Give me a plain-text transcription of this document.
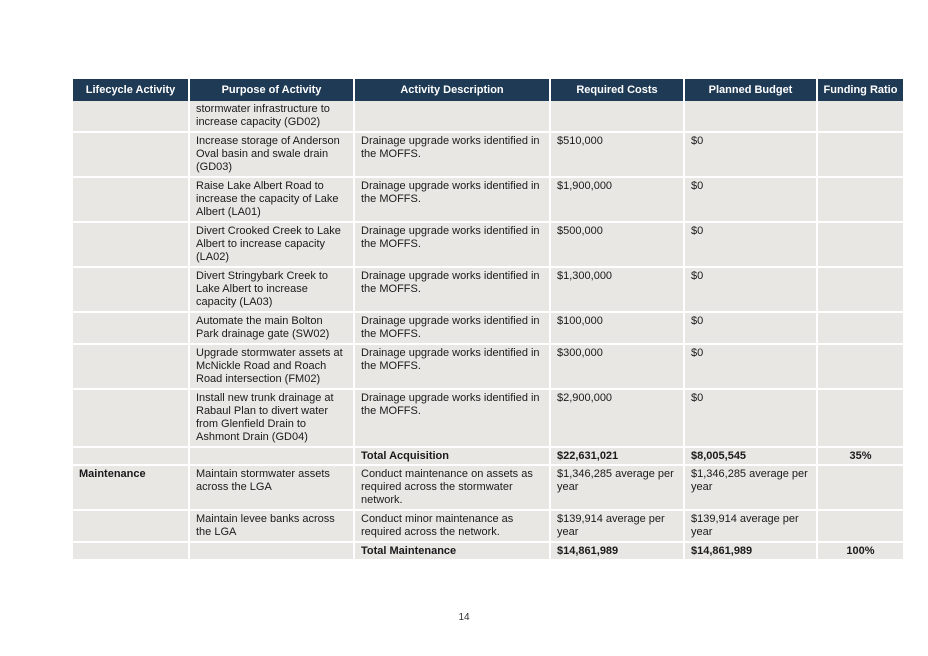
Lifecycle Activity	Purpose of Activity	Activity Description	Required Costs	Planned Budget	Funding Ratio
	stormwater infrastructure to increase capacity (GD02)				
	Increase storage of Anderson Oval basin and swale drain (GD03)	Drainage upgrade works identified in the MOFFS.	$510,000	$0	
	Raise Lake Albert Road to increase the capacity of Lake Albert (LA01)	Drainage upgrade works identified in the MOFFS.	$1,900,000	$0	
	Divert Crooked Creek to Lake Albert to increase capacity (LA02)	Drainage upgrade works identified in the MOFFS.	$500,000	$0	
	Divert Stringybark Creek to Lake Albert to increase capacity (LA03)	Drainage upgrade works identified in the MOFFS.	$1,300,000	$0	
	Automate the main Bolton Park drainage gate (SW02)	Drainage upgrade works identified in the MOFFS.	$100,000	$0	
	Upgrade stormwater assets at McNickle Road and Roach Road intersection (FM02)	Drainage upgrade works identified in the MOFFS.	$300,000	$0	
	Install new trunk drainage at Rabaul Plan to divert water from Glenfield Drain to Ashmont Drain (GD04)	Drainage upgrade works identified in the MOFFS.	$2,900,000	$0	
		Total Acquisition	$22,631,021	$8,005,545	35%
Maintenance	Maintain stormwater assets across the LGA	Conduct maintenance on assets as required across the stormwater network.	$1,346,285 average per year	$1,346,285 average per year	
	Maintain levee banks across the LGA	Conduct minor maintenance as required across the network.	$139,914 average per year	$139,914 average per year	
		Total Maintenance	$14,861,989	$14,861,989	100%
14
